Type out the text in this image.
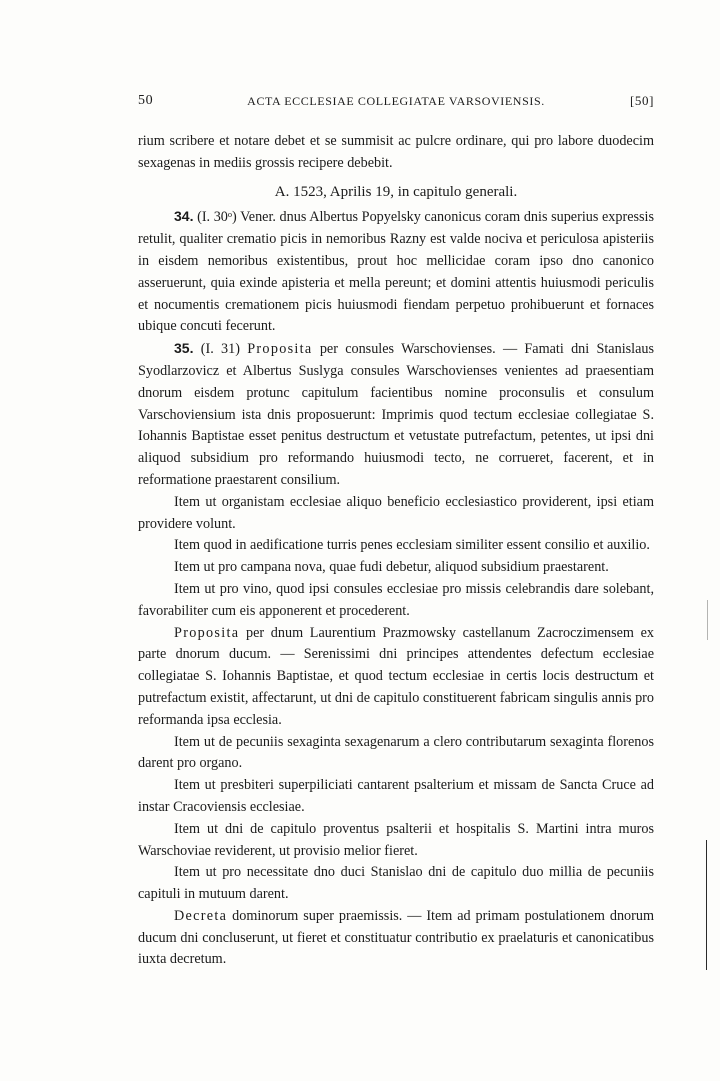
50	ACTA ECCLESIAE COLLEGIATAE VARSOVIENSIS.	[50]

rium scribere et notare debet et se summisit ac pulcre ordinare, qui pro labore duodecim sexagenas in mediis grossis recipere debebit.

A. 1523, Aprilis 19, in capitulo generali.

34. (I. 30ᵒ) Vener. dnus Albertus Popyelsky canonicus coram dnis superius expressis retulit, qualiter crematio picis in nemoribus Razny est valde nociva et periculosa apisteriis in eisdem nemoribus existentibus, prout hoc mellicidae coram ipso dno canonico asseruerunt, quia exinde apisteria et mella pereunt; et domini attentis huiusmodi periculis et nocumentis cremationem picis huiusmodi fiendam perpetuo prohibuerunt et fornaces ubique concuti fecerunt.

35. (I. 31) Proposita per consules Warschovienses. — Famati dni Stanislaus Syodlarzovicz et Albertus Suslyga consules Warschovienses venientes ad praesentiam dnorum eisdem protunc capitulum facientibus nomine proconsulis et consulum Varschoviensium ista dnis proposuerunt: Imprimis quod tectum ecclesiae collegiatae S. Iohannis Baptistae esset penitus destructum et vetustate putrefactum, petentes, ut ipsi dni aliquod subsidium pro reformando huiusmodi tecto, ne corrueret, facerent, et in reformatione praestarent consilium.

Item ut organistam ecclesiae aliquo beneficio ecclesiastico providerent, ipsi etiam providere volunt.

Item quod in aedificatione turris penes ecclesiam similiter essent consilio et auxilio.

Item ut pro campana nova, quae fudi debetur, aliquod subsidium praestarent.

Item ut pro vino, quod ipsi consules ecclesiae pro missis celebrandis dare solebant, favorabiliter cum eis apponerent et procederent.

Proposita per dnum Laurentium Prazmowsky castellanum Zacroczimensem ex parte dnorum ducum. — Serenissimi dni principes attendentes defectum ecclesiae collegiatae S. Iohannis Baptistae, et quod tectum ecclesiae in certis locis destructum et putrefactum existit, affectarunt, ut dni de capitulo constituerent fabricam singulis annis pro reformanda ipsa ecclesia.

Item ut de pecuniis sexaginta sexagenarum a clero contributarum sexaginta florenos darent pro organo.

Item ut presbiteri superpiliciati cantarent psalterium et missam de Sancta Cruce ad instar Cracoviensis ecclesiae.

Item ut dni de capitulo proventus psalterii et hospitalis S. Martini intra muros Warschoviae reviderent, ut provisio melior fieret.

Item ut pro necessitate dno duci Stanislao dni de capitulo duo millia de pecuniis capituli in mutuum darent.

Decreta dominorum super praemissis. — Item ad primam postulationem dnorum ducum dni concluserunt, ut fieret et constituatur contributio ex praelaturis et canonicatibus iuxta decretum.
